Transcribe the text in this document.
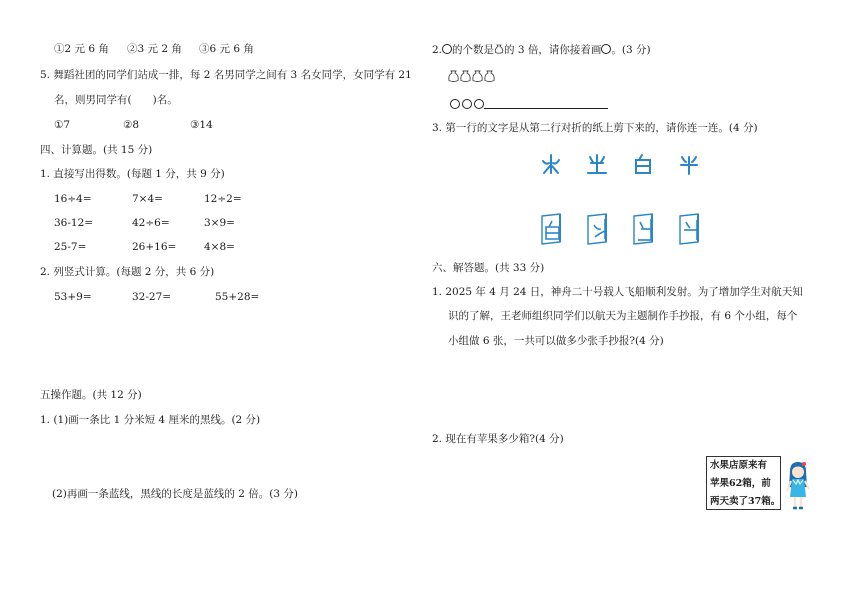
①2 元 6 角 ②3 元 2 角 ③6 元 6 角
5. 舞蹈社团的同学们站成一排，每 2 名男同学之间有 3 名女同学，女同学有 21
名，则男同学有(　　)名。
①7	②8	③14
四、计算题。(共 15 分)
1. 直接写出得数。(每题 1 分，共 9 分)
16÷4=	7×4=	12÷2=
36-12=	42÷6=	3×9=
25-7=	26+16=	4×8=
2. 列竖式计算。(每题 2 分，共 6 分)
53+9=	32-27=	55+28=
五操作题。(共 12 分)
1. (1)画一条比 1 分米短 4 厘米的黑线。(2 分)
(2)再画一条蓝线，黑线的长度是蓝线的 2 倍。(3 分)
2. 的个数是 的 3 倍，请你接着画 。(3 分)
3. 第一行的文字是从第二行对折的纸上剪下来的，请你连一连。(4 分)
六、解答题。(共 33 分)
1. 2025 年 4 月 24 日，神舟二十号载人飞船顺利发射。为了增加学生对航天知
识的了解，王老师组织同学们以航天为主题制作手抄报，有 6 个小组，每个
小组做 6 张，一共可以做多少张手抄报?(4 分)
2. 现在有苹果多少箱?(4 分)
水果店原来有
苹果62箱，前
两天卖了37箱。
